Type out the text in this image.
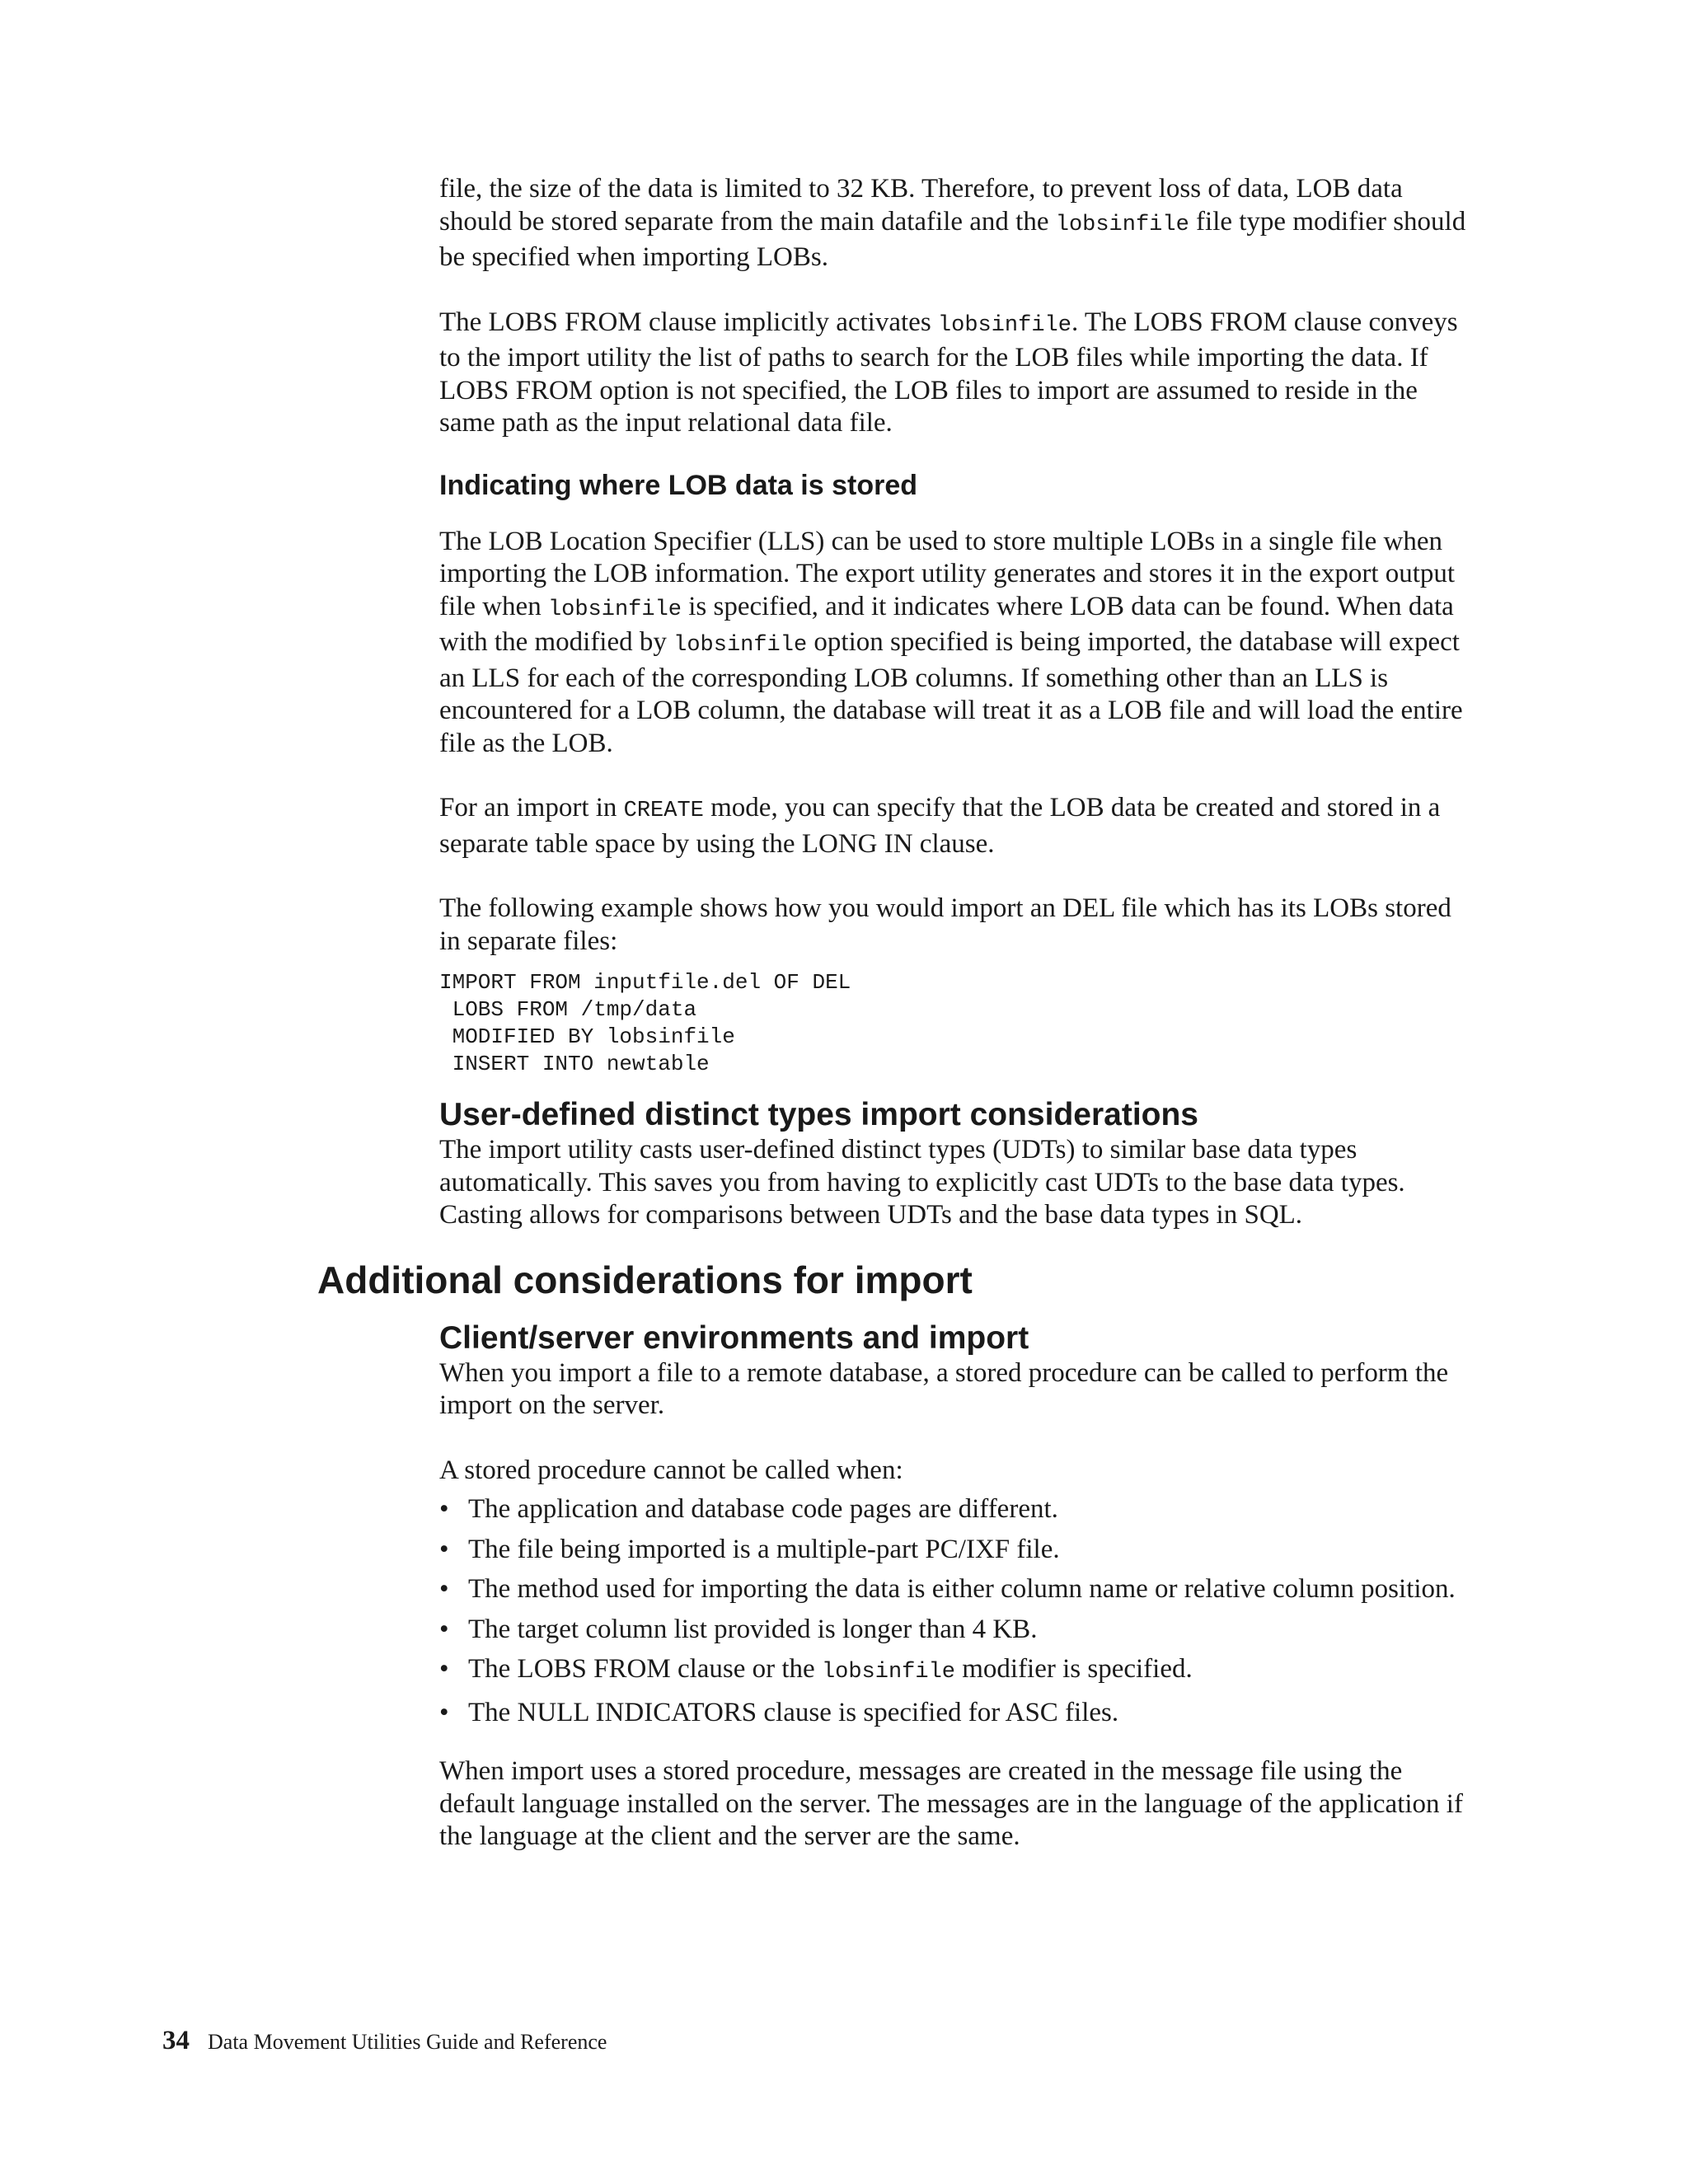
file, the size of the data is limited to 32 KB. Therefore, to prevent loss of data, LOB data should be stored separate from the main datafile and the lobsinfile file type modifier should be specified when importing LOBs.

The LOBS FROM clause implicitly activates lobsinfile. The LOBS FROM clause conveys to the import utility the list of paths to search for the LOB files while importing the data. If LOBS FROM option is not specified, the LOB files to import are assumed to reside in the same path as the input relational data file.

Indicating where LOB data is stored

The LOB Location Specifier (LLS) can be used to store multiple LOBs in a single file when importing the LOB information. The export utility generates and stores it in the export output file when lobsinfile is specified, and it indicates where LOB data can be found. When data with the modified by lobsinfile option specified is being imported, the database will expect an LLS for each of the corresponding LOB columns. If something other than an LLS is encountered for a LOB column, the database will treat it as a LOB file and will load the entire file as the LOB.

For an import in CREATE mode, you can specify that the LOB data be created and stored in a separate table space by using the LONG IN clause.

The following example shows how you would import an DEL file which has its LOBs stored in separate files:

IMPORT FROM inputfile.del OF DEL
LOBS FROM /tmp/data
MODIFIED BY lobsinfile
INSERT INTO newtable
User-defined distinct types import considerations

The import utility casts user-defined distinct types (UDTs) to similar base data types automatically. This saves you from having to explicitly cast UDTs to the base data types. Casting allows for comparisons between UDTs and the base data types in SQL.

Additional considerations for import
Client/server environments and import

When you import a file to a remote database, a stored procedure can be called to perform the import on the server.

A stored procedure cannot be called when:

• The application and database code pages are different.
• The file being imported is a multiple-part PC/IXF file.
• The method used for importing the data is either column name or relative column position.
• The target column list provided is longer than 4 KB.
• The LOBS FROM clause or the lobsinfile modifier is specified.
• The NULL INDICATORS clause is specified for ASC files.

When import uses a stored procedure, messages are created in the message file using the default language installed on the server. The messages are in the language of the application if the language at the client and the server are the same.

34 Data Movement Utilities Guide and Reference
